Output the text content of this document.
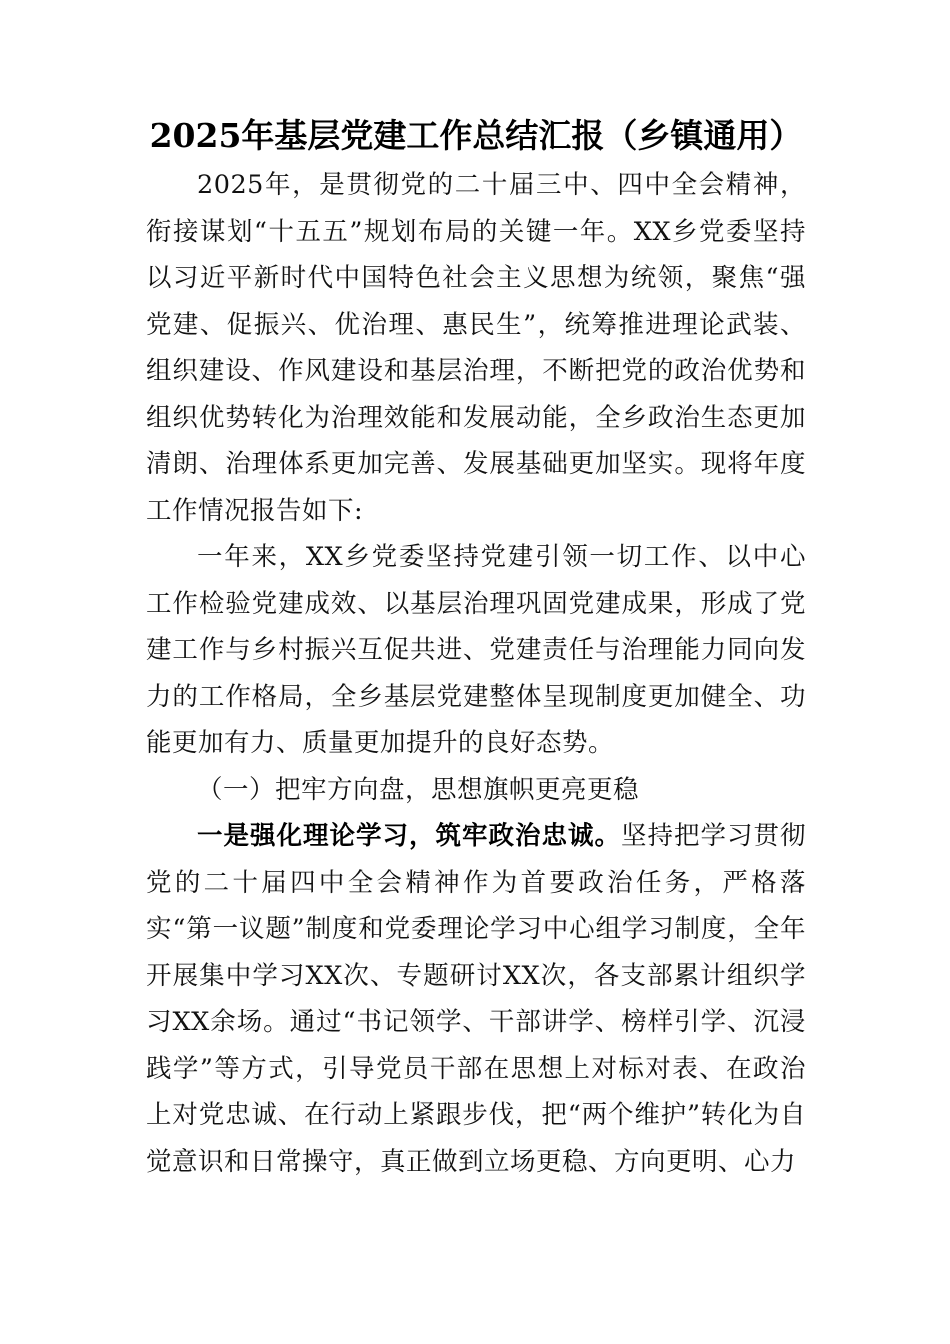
2025年基层党建工作总结汇报（乡镇通用）

2025年，是贯彻党的二十届三中、四中全会精神，衔接谋划“十五五”规划布局的关键一年。XX乡党委坚持以习近平新时代中国特色社会主义思想为统领，聚焦“强党建、促振兴、优治理、惠民生”，统筹推进理论武装、组织建设、作风建设和基层治理，不断把党的政治优势和组织优势转化为治理效能和发展动能，全乡政治生态更加清朗、治理体系更加完善、发展基础更加坚实。现将年度工作情况报告如下:

一年来，XX乡党委坚持党建引领一切工作、以中心工作检验党建成效、以基层治理巩固党建成果，形成了党建工作与乡村振兴互促共进、党建责任与治理能力同向发力的工作格局，全乡基层党建整体呈现制度更加健全、功能更加有力、质量更加提升的良好态势。

（一）把牢方向盘，思想旗帜更亮更稳

一是强化理论学习，筑牢政治忠诚。坚持把学习贯彻党的二十届四中全会精神作为首要政治任务，严格落实“第一议题”制度和党委理论学习中心组学习制度，全年开展集中学习XX次、专题研讨XX次，各支部累计组织学习XX余场。通过“书记领学、干部讲学、榜样引学、沉浸践学”等方式，引导党员干部在思想上对标对表、在政治上对党忠诚、在行动上紧跟步伐，把“两个维护”转化为自觉意识和日常操守，真正做到立场更稳、方向更明、心力
